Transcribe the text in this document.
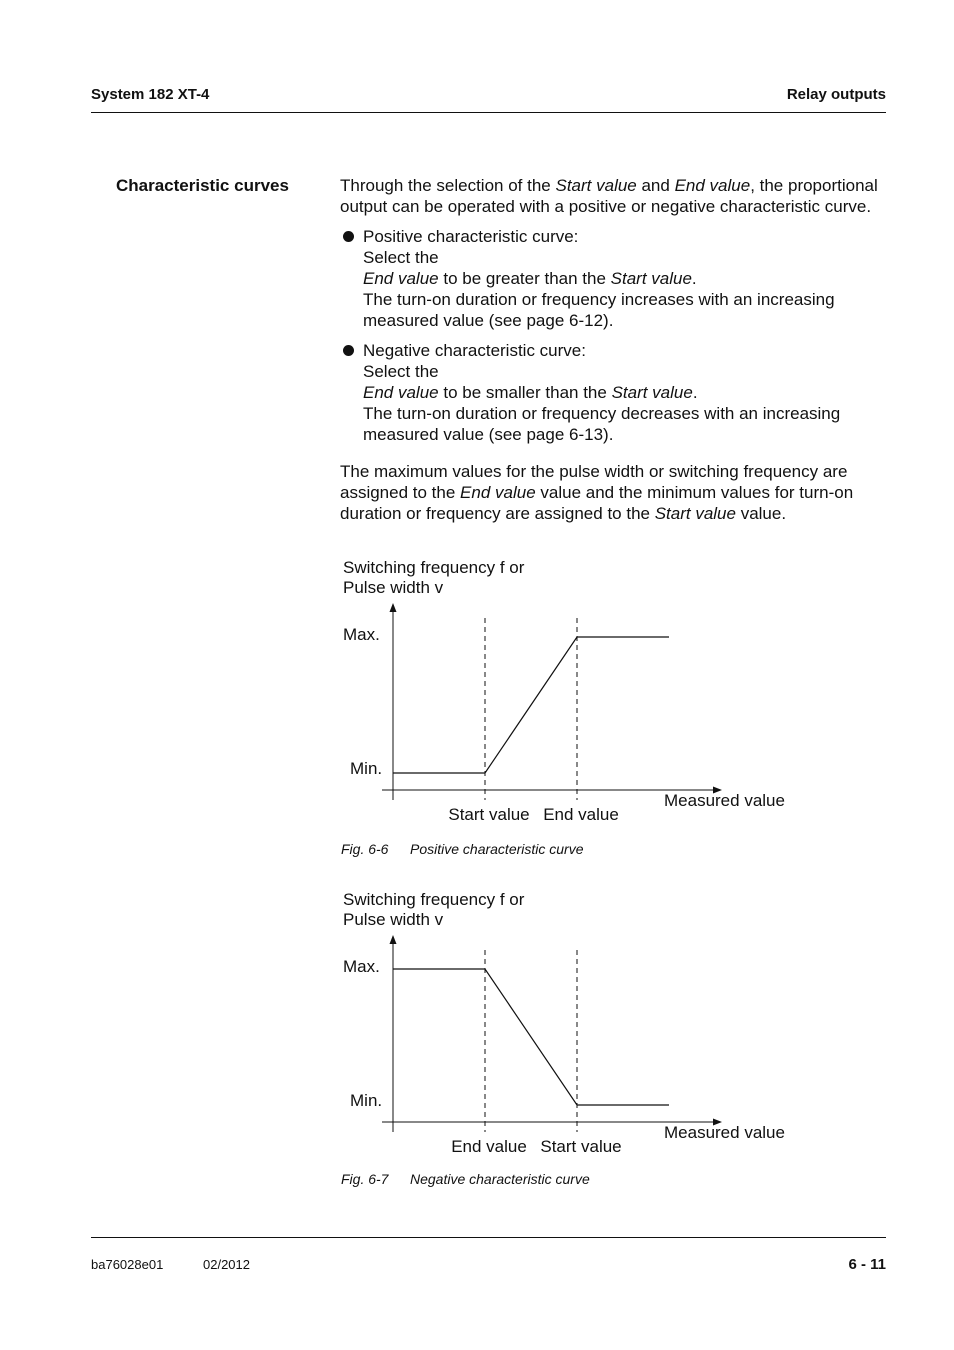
System 182 XT-4	Relay outputs
Characteristic curves	Through the selection of the Start value and End value, the proportional output can be operated with a positive or negative characteristic curve.

Positive characteristic curve:
Select the
End value to be greater than the Start value.
The turn-on duration or frequency increases with an increasing measured value (see page 6-12).
Negative characteristic curve:
Select the
End value to be smaller than the Start value.
The turn-on duration or frequency decreases with an increasing measured value (see page 6-13).

The maximum values for the pulse width or switching frequency are assigned to the End value value and the minimum values for turn-on duration or frequency are assigned to the Start value value.

Switching frequency f or
Pulse width v
Max.
Min.
Measured value
Start value End value
Fig. 6-6 Positive characteristic curve
Switching frequency f or
Pulse width v
Max.
Min.
Measured value
End value Start value
Fig. 6-7 Negative characteristic curve
ba76028e01	02/2012	6 - 11
